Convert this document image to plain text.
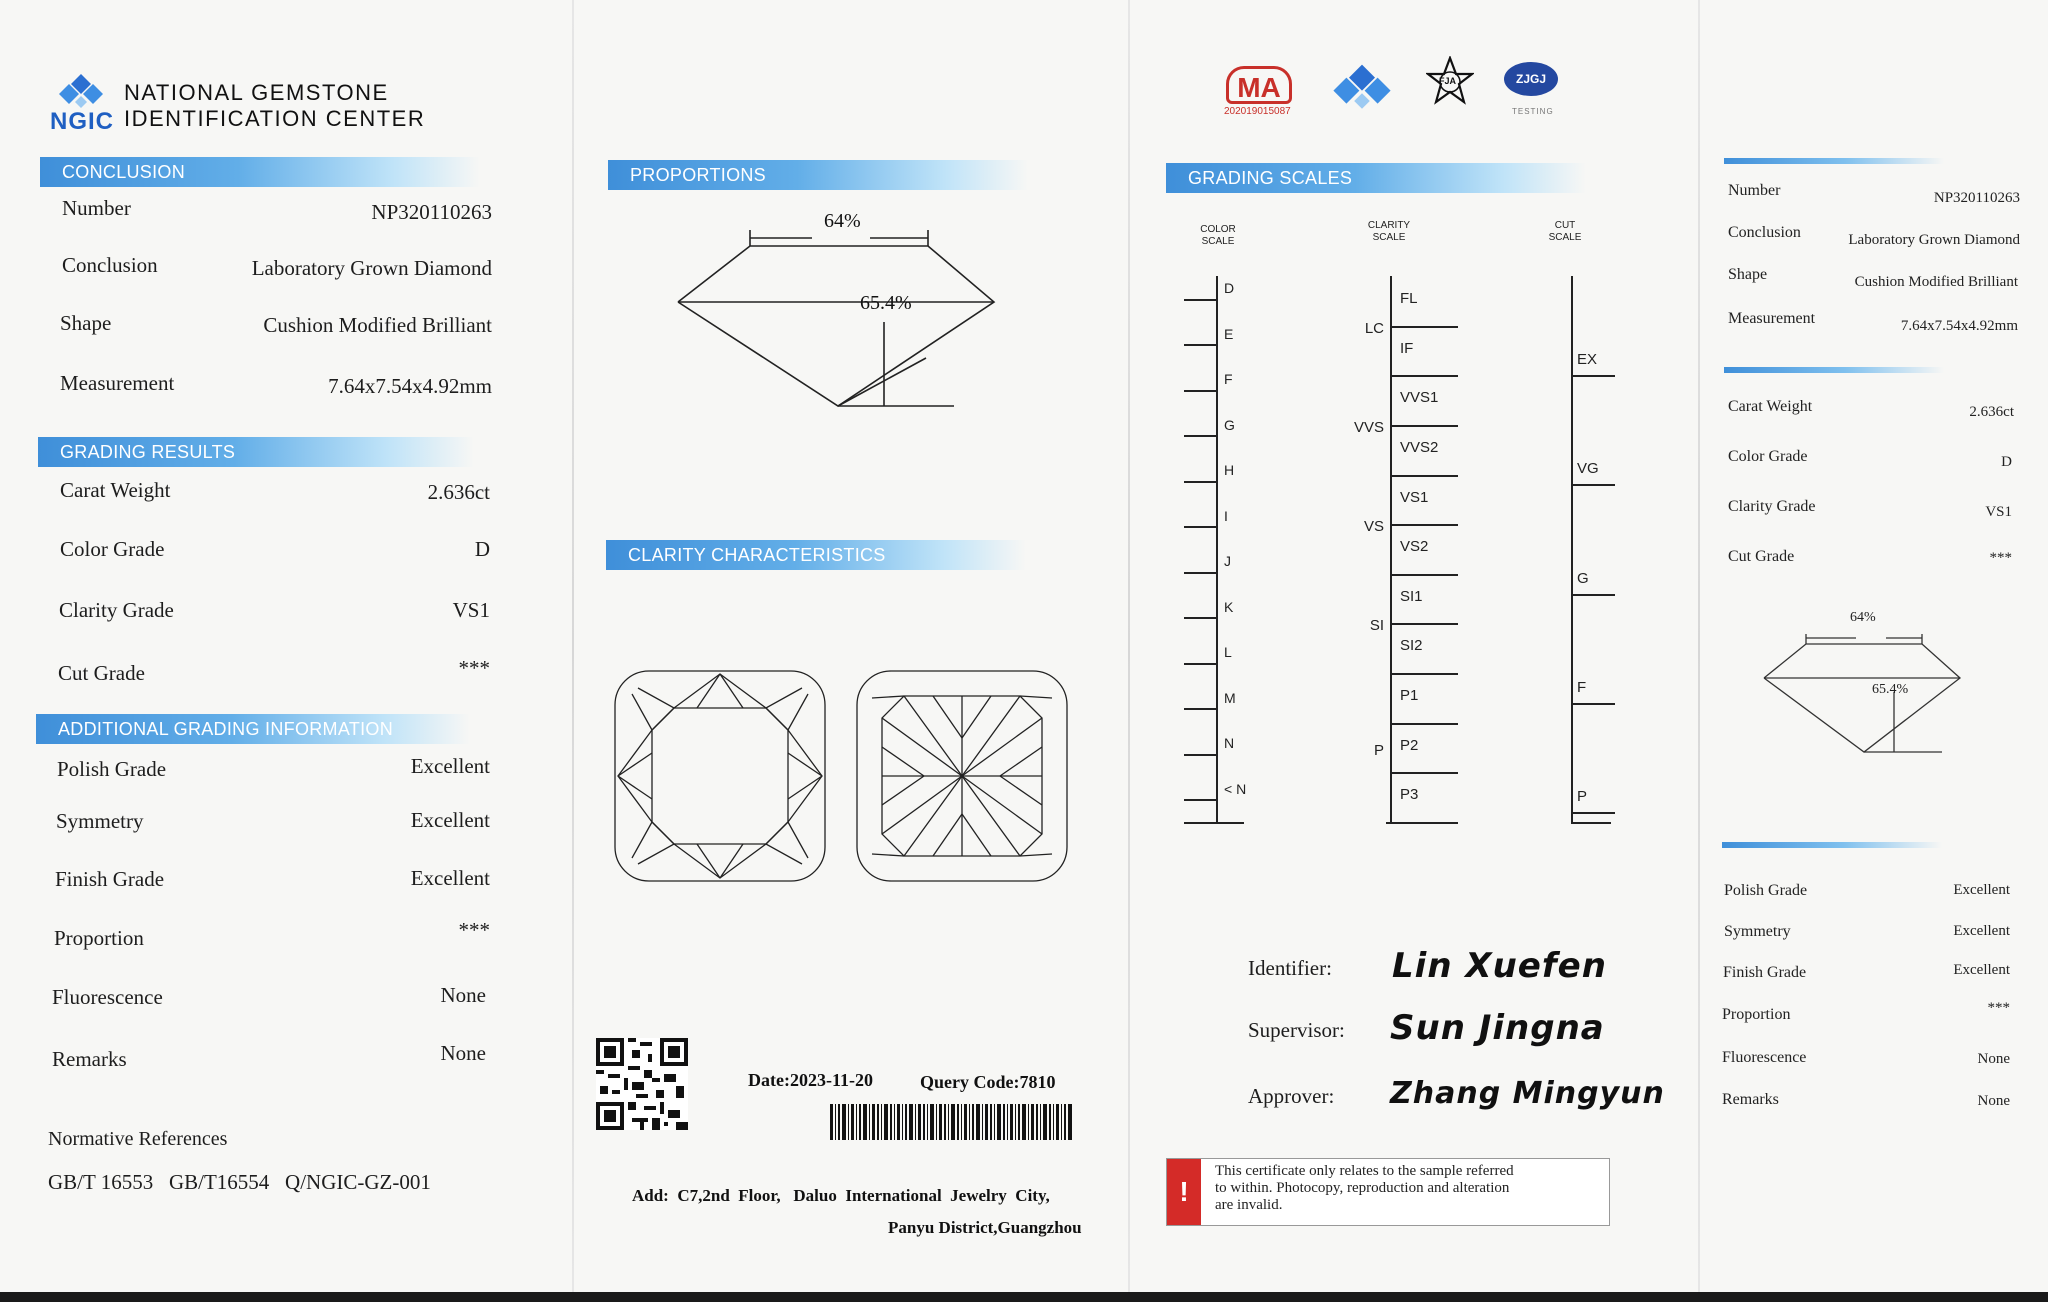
NGIC
NATIONAL GEMSTONE
IDENTIFICATION CENTER
CONCLUSION
Number	NP320110263
Conclusion	Laboratory Grown Diamond
Shape	Cushion Modified Brilliant
Measurement	7.64x7.54x4.92mm
GRADING RESULTS
Carat Weight	2.636ct
Color Grade	D
Clarity Grade	VS1
Cut Grade	***
ADDITIONAL GRADING INFORMATION
Polish Grade	Excellent
Symmetry	Excellent
Finish Grade	Excellent
Proportion	***
Fluorescence	None
Remarks	None
Normative References
GB/T 16553   GB/T16554   Q/NGIC-GZ-001
PROPORTIONS
64%
65.4%
CLARITY CHARACTERISTICS
Date:2023-11-20	Query Code:7810
Add:  C7,2nd  Floor,   Daluo  International  Jewelry  City,
Panyu District,Guangzhou
MA
202019015087
FJA	ZJGJ
TESTING
GRADING SCALES
COLOR
SCALE
CLARITY
SCALE
CUT
SCALE
D
E
F
G
H
I
J
K
L
M
N
< N
FL
IF
VVS1
VVS2
VS1
VS2
SI1
SI2
P1
P2
P3
LC
VVS
VS
SI
P
EX
VG
G
F
P
Identifier: Lin Xuefen
Supervisor: Sun Jingna
Approver: Zhang Mingyun
!
This certificate only relates to the sample referred
to within. Photocopy, reproduction and alteration
are invalid.
Number	NP320110263
Conclusion	Laboratory Grown Diamond
Shape	Cushion Modified Brilliant
Measurement	7.64x7.54x4.92mm
Carat Weight	2.636ct
Color Grade	D
Clarity Grade	VS1
Cut Grade	***
64%
65.4%
Polish Grade	Excellent
Symmetry	Excellent
Finish Grade	Excellent
Proportion	***
Fluorescence	None
Remarks	None
